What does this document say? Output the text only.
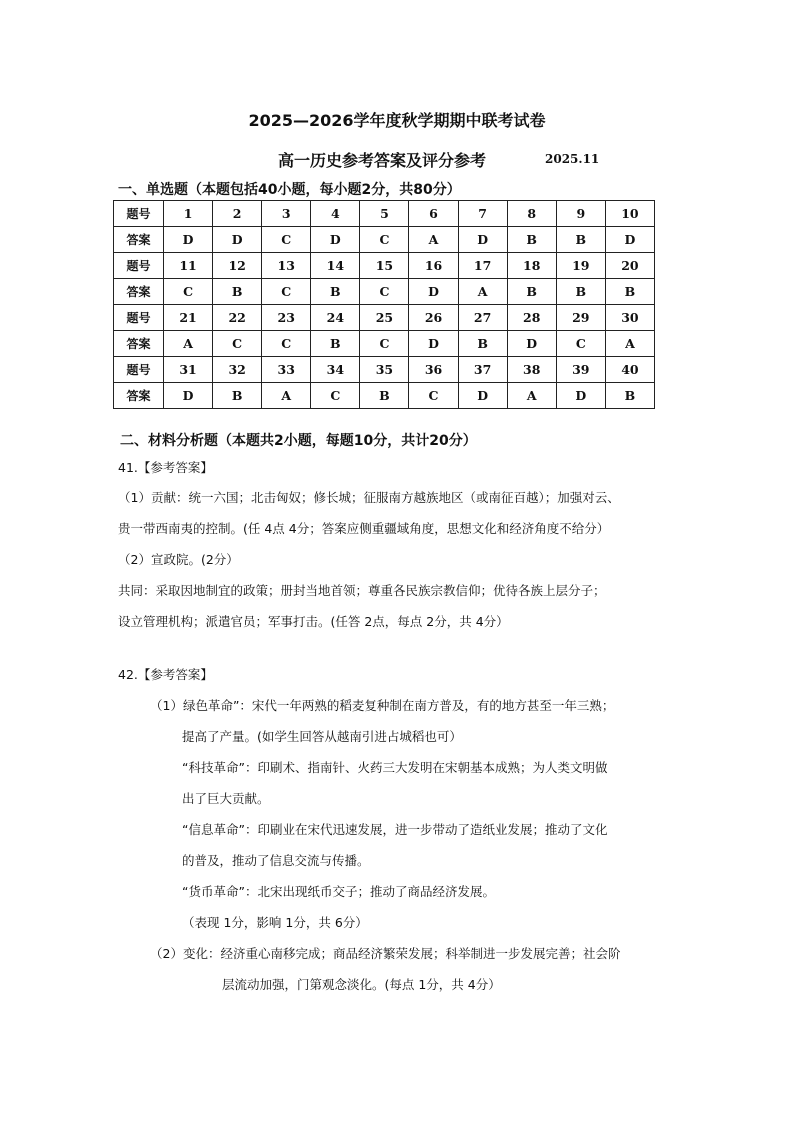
2025—2026学年度秋学期期中联考试卷
高一历史参考答案及评分参考	2025.11
一、单选题（本题包括40小题，每小题2分，共80分）
题号	1	2	3	4	5	6	7	8	9	10
答案	D	D	C	D	C	A	D	B	B	D
题号	11	12	13	14	15	16	17	18	19	20
答案	C	B	C	B	C	D	A	B	B	B
题号	21	22	23	24	25	26	27	28	29	30
答案	A	C	C	B	C	D	B	D	C	A
题号	31	32	33	34	35	36	37	38	39	40
答案	D	B	A	C	B	C	D	A	D	B
二、材料分析题（本题共2小题，每题10分，共计20分）
41.【参考答案】
（1）贡献：统一六国；北击匈奴；修长城；征服南方越族地区（或南征百越）；加强对云、
贵一带西南夷的控制。(任 4点 4分；答案应侧重疆域角度，思想文化和经济角度不给分）
（2）宣政院。(2分）
共同：采取因地制宜的政策；册封当地首领；尊重各民族宗教信仰；优待各族上层分子；
设立管理机构；派遣官员；军事打击。(任答 2点，每点 2分，共 4分）
42.【参考答案】
（1）绿色革命”：宋代一年两熟的稻麦复种制在南方普及，有的地方甚至一年三熟；
提高了产量。(如学生回答从越南引进占城稻也可）
“科技革命”：印刷术、指南针、火药三大发明在宋朝基本成熟；为人类文明做
出了巨大贡献。
“信息革命”：印刷业在宋代迅速发展，进一步带动了造纸业发展；推动了文化
的普及，推动了信息交流与传播。
“货币革命”：北宋出现纸币交子；推动了商品经济发展。
（表现 1分，影响 1分，共 6分）
（2）变化：经济重心南移完成；商品经济繁荣发展；科举制进一步发展完善；社会阶
层流动加强，门第观念淡化。(每点 1分，共 4分）
